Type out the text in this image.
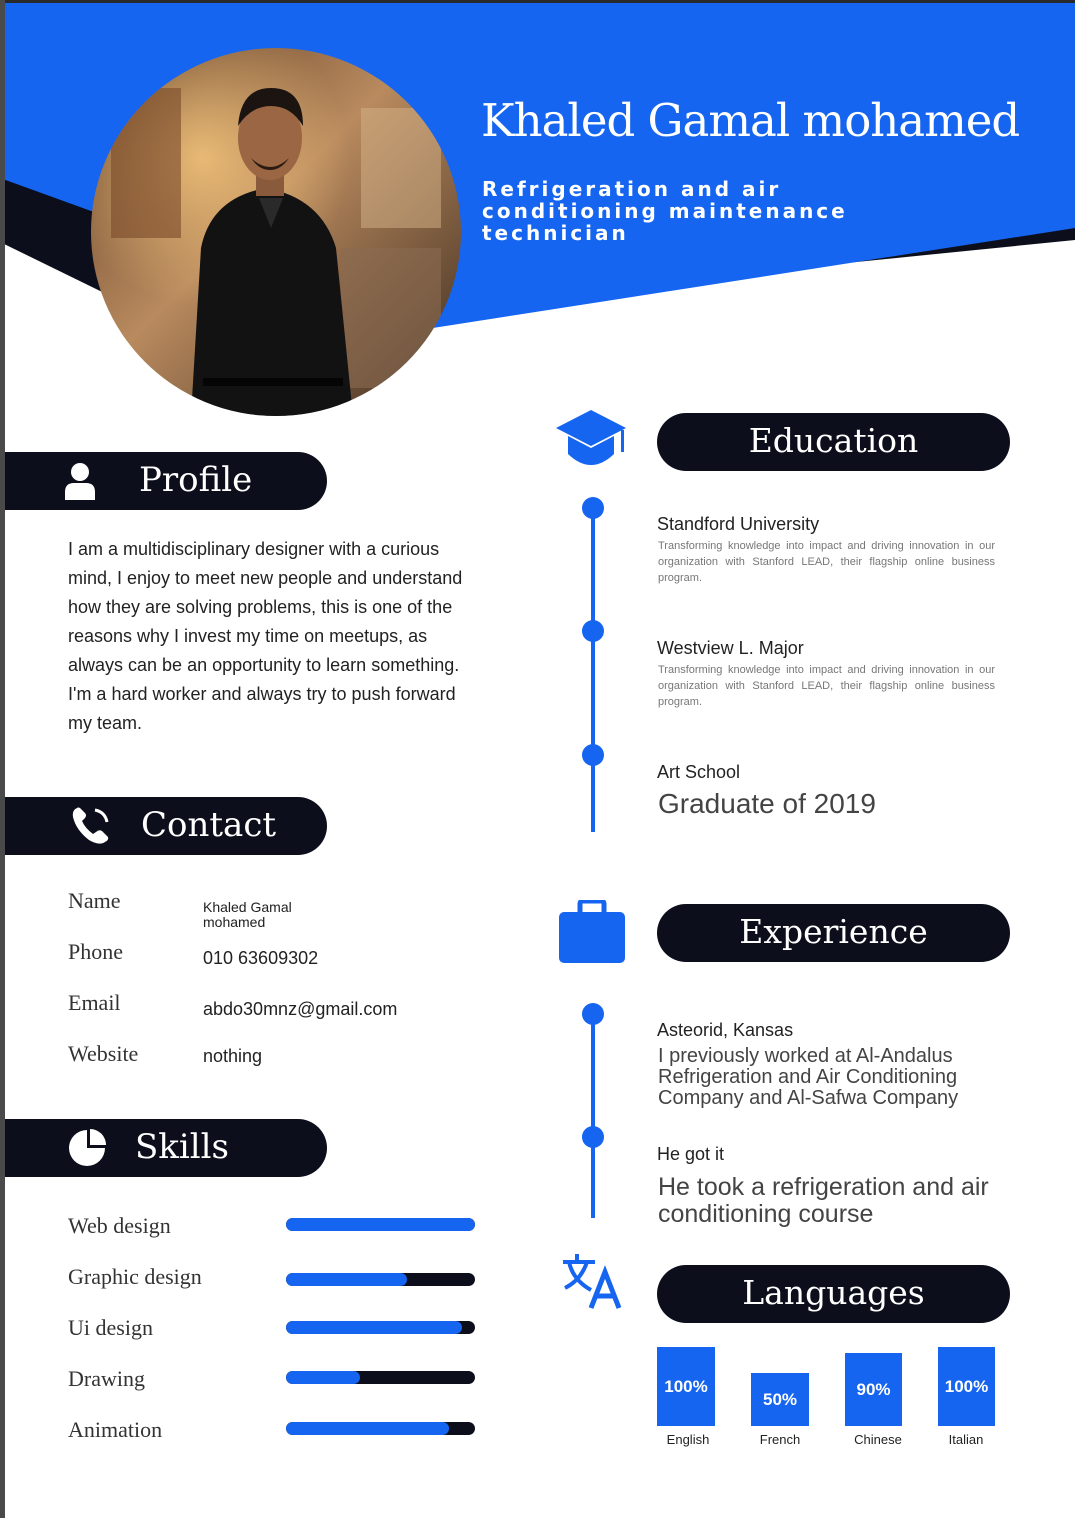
Khaled Gamal mohamed
Refrigeration and air conditioning maintenance technician
Profile
I am a multidisciplinary designer with a curious mind, I enjoy to meet new people and understand how they are solving problems, this is one of the reasons why I invest my time on meetups, as always can be an opportunity to learn something. I'm a hard worker and always try to push forward my team.
Contact
Name	Khaled Gamal mohamed
Phone	010 63609302
Email	abdo30mnz@gmail.com
Website	nothing
Skills
Web design
Graphic design
Ui design
Drawing
Animation
Education
Standford University
Transforming knowledge into impact and driving innovation in our organization with Stanford LEAD, their flagship online business program.
Westview L. Major
Transforming knowledge into impact and driving innovation in our organization with Stanford LEAD, their flagship online business program.
Art School
Graduate of 2019
Experience
Asteorid, Kansas
I previously worked at Al-Andalus Refrigeration and Air Conditioning Company and Al-Safwa Company
He got it
He took a refrigeration and air conditioning course
Languages
100%
English
50%
French
90%
Chinese
100%
Italian
